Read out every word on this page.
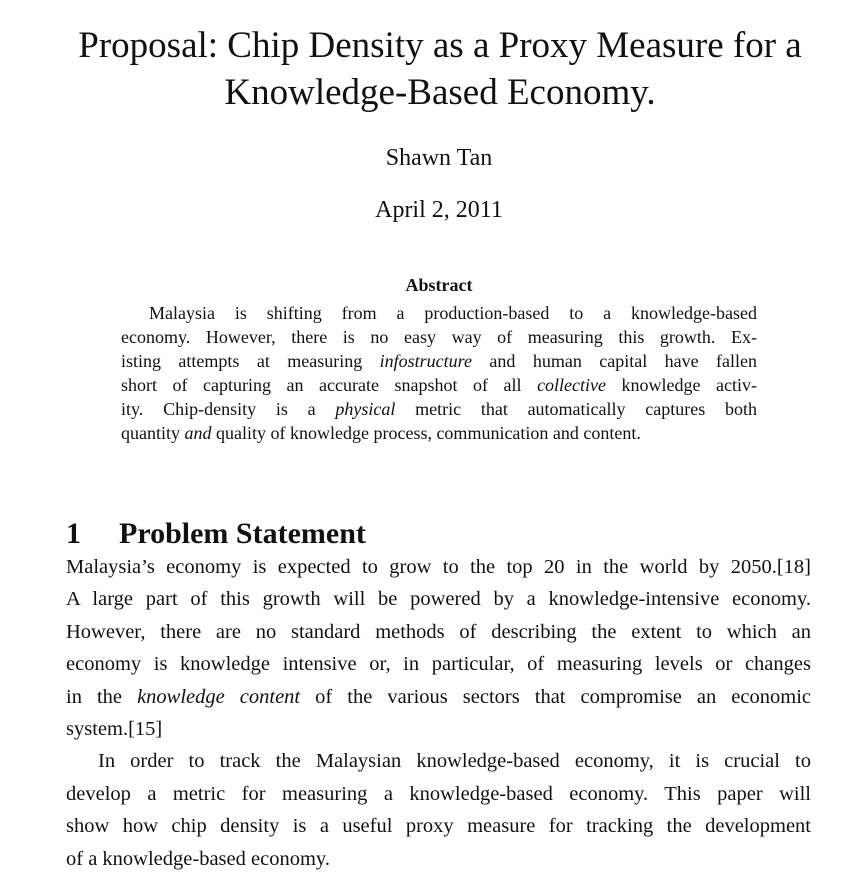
Proposal: Chip Density as a Proxy Measure for a
Knowledge-Based Economy.
Shawn Tan
April 2, 2011
Abstract
Malaysia is shifting from a production-based to a knowledge-based
economy. However, there is no easy way of measuring this growth. Ex-
isting attempts at measuring infostructure and human capital have fallen
short of capturing an accurate snapshot of all collective knowledge activ-
ity. Chip-density is a physical metric that automatically captures both
quantity and quality of knowledge process, communication and content.
1 Problem Statement
Malaysia’s economy is expected to grow to the top 20 in the world by 2050.[18]
A large part of this growth will be powered by a knowledge-intensive economy.
However, there are no standard methods of describing the extent to which an
economy is knowledge intensive or, in particular, of measuring levels or changes
in the knowledge content of the various sectors that compromise an economic
system.[15]
In order to track the Malaysian knowledge-based economy, it is crucial to
develop a metric for measuring a knowledge-based economy. This paper will
show how chip density is a useful proxy measure for tracking the development
of a knowledge-based economy.
